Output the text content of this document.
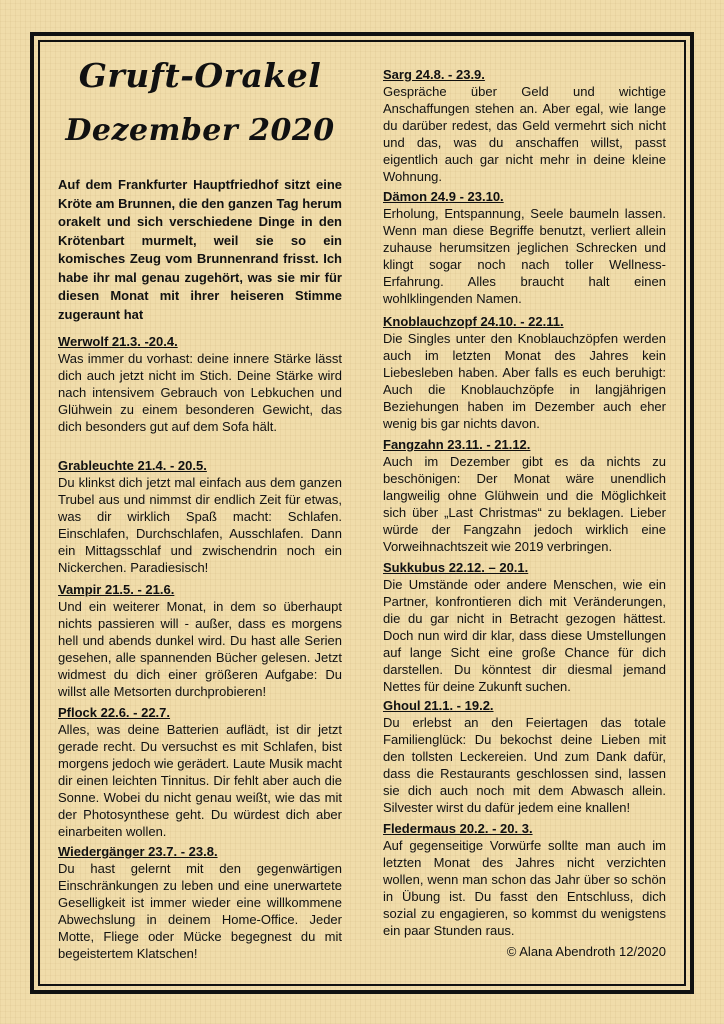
Gruft-Orakel
Dezember 2020
Auf dem Frankfurter Hauptfriedhof sitzt eine Kröte am Brunnen, die den ganzen Tag herum orakelt und sich verschiedene Dinge in den Krötenbart murmelt, weil sie so ein komisches Zeug vom Brunnenrand frisst. Ich habe ihr mal genau zugehört, was sie mir für diesen Monat mit ihrer heiseren Stimme zugeraunt hat
Werwolf 21.3. -20.4.
Was immer du vorhast: deine innere Stärke lässt dich auch jetzt nicht im Stich. Deine Stärke wird nach intensivem Gebrauch von Lebkuchen und Glühwein zu einem besonderen Gewicht, das dich besonders gut auf dem Sofa hält.
Grableuchte 21.4. - 20.5.
Du klinkst dich jetzt mal einfach aus dem ganzen Trubel aus und nimmst dir endlich Zeit für etwas, was dir wirklich Spaß macht: Schlafen. Einschlafen, Durchschlafen, Ausschlafen. Dann ein Mittagsschlaf und zwischendrin noch ein Nickerchen. Paradiesisch!
Vampir 21.5. - 21.6.
Und ein weiterer Monat, in dem so überhaupt nichts passieren will - außer, dass es morgens hell und abends dunkel wird. Du hast alle Serien gesehen, alle spannenden Bücher gelesen. Jetzt widmest du dich einer größeren Aufgabe: Du willst alle Metsorten durchprobieren!
Pflock 22.6. - 22.7.
Alles, was deine Batterien auflädt, ist dir jetzt gerade recht. Du versuchst es mit Schlafen, bist morgens jedoch wie gerädert. Laute Musik macht dir einen leichten Tinnitus. Dir fehlt aber auch die Sonne. Wobei du nicht genau weißt, wie das mit der Photosynthese geht. Du würdest dich aber einarbeiten wollen.
Wiedergänger 23.7. - 23.8.
Du hast gelernt mit den gegenwärtigen Einschränkungen zu leben und eine unerwartete Geselligkeit ist immer wieder eine willkommene Abwechslung in deinem Home-Office. Jeder Motte, Fliege oder Mücke begegnest du mit begeistertem Klatschen!
Sarg 24.8. - 23.9.
Gespräche über Geld und wichtige Anschaffungen stehen an. Aber egal, wie lange du darüber redest, das Geld vermehrt sich nicht und das, was du anschaffen willst, passt eigentlich auch gar nicht mehr in deine kleine Wohnung.
Dämon 24.9 - 23.10.
Erholung, Entspannung, Seele baumeln lassen. Wenn man diese Begriffe benutzt, verliert allein zuhause herumsitzen jeglichen Schrecken und klingt sogar noch nach toller Wellness-Erfahrung. Alles braucht halt einen wohlklingenden Namen.
Knoblauchzopf 24.10. - 22.11.
Die Singles unter den Knoblauchzöpfen werden auch im letzten Monat des Jahres kein Liebesleben haben. Aber falls es euch beruhigt: Auch die Knoblauchzöpfe in langjährigen Beziehungen haben im Dezember auch eher wenig bis gar nichts davon.
Fangzahn 23.11. - 21.12.
Auch im Dezember gibt es da nichts zu beschönigen: Der Monat wäre unendlich langweilig ohne Glühwein und die Möglichkeit sich über „Last Christmas“ zu beklagen. Lieber würde der Fangzahn jedoch wirklich eine Vorweihnachtszeit wie 2019 verbringen.
Sukkubus 22.12. – 20.1.
Die Umstände oder andere Menschen, wie ein Partner, konfrontieren dich mit Veränderungen, die du gar nicht in Betracht gezogen hättest. Doch nun wird dir klar, dass diese Umstellungen auf lange Sicht eine große Chance für dich darstellen. Du könntest dir diesmal jemand Nettes für deine Zukunft suchen.
Ghoul 21.1. - 19.2.
Du erlebst an den Feiertagen das totale Familienglück: Du bekochst deine Lieben mit den tollsten Leckereien. Und zum Dank dafür, dass die Restaurants geschlossen sind, lassen sie dich auch noch mit dem Abwasch allein. Silvester wirst du dafür jedem eine knallen!
Fledermaus 20.2. - 20. 3.
Auf gegenseitige Vorwürfe sollte man auch im letzten Monat des Jahres nicht verzichten wollen, wenn man schon das Jahr über so schön in Übung ist. Du fasst den Entschluss, dich sozial zu engagieren, so kommst du wenigstens ein paar Stunden raus.
© Alana Abendroth 12/2020
